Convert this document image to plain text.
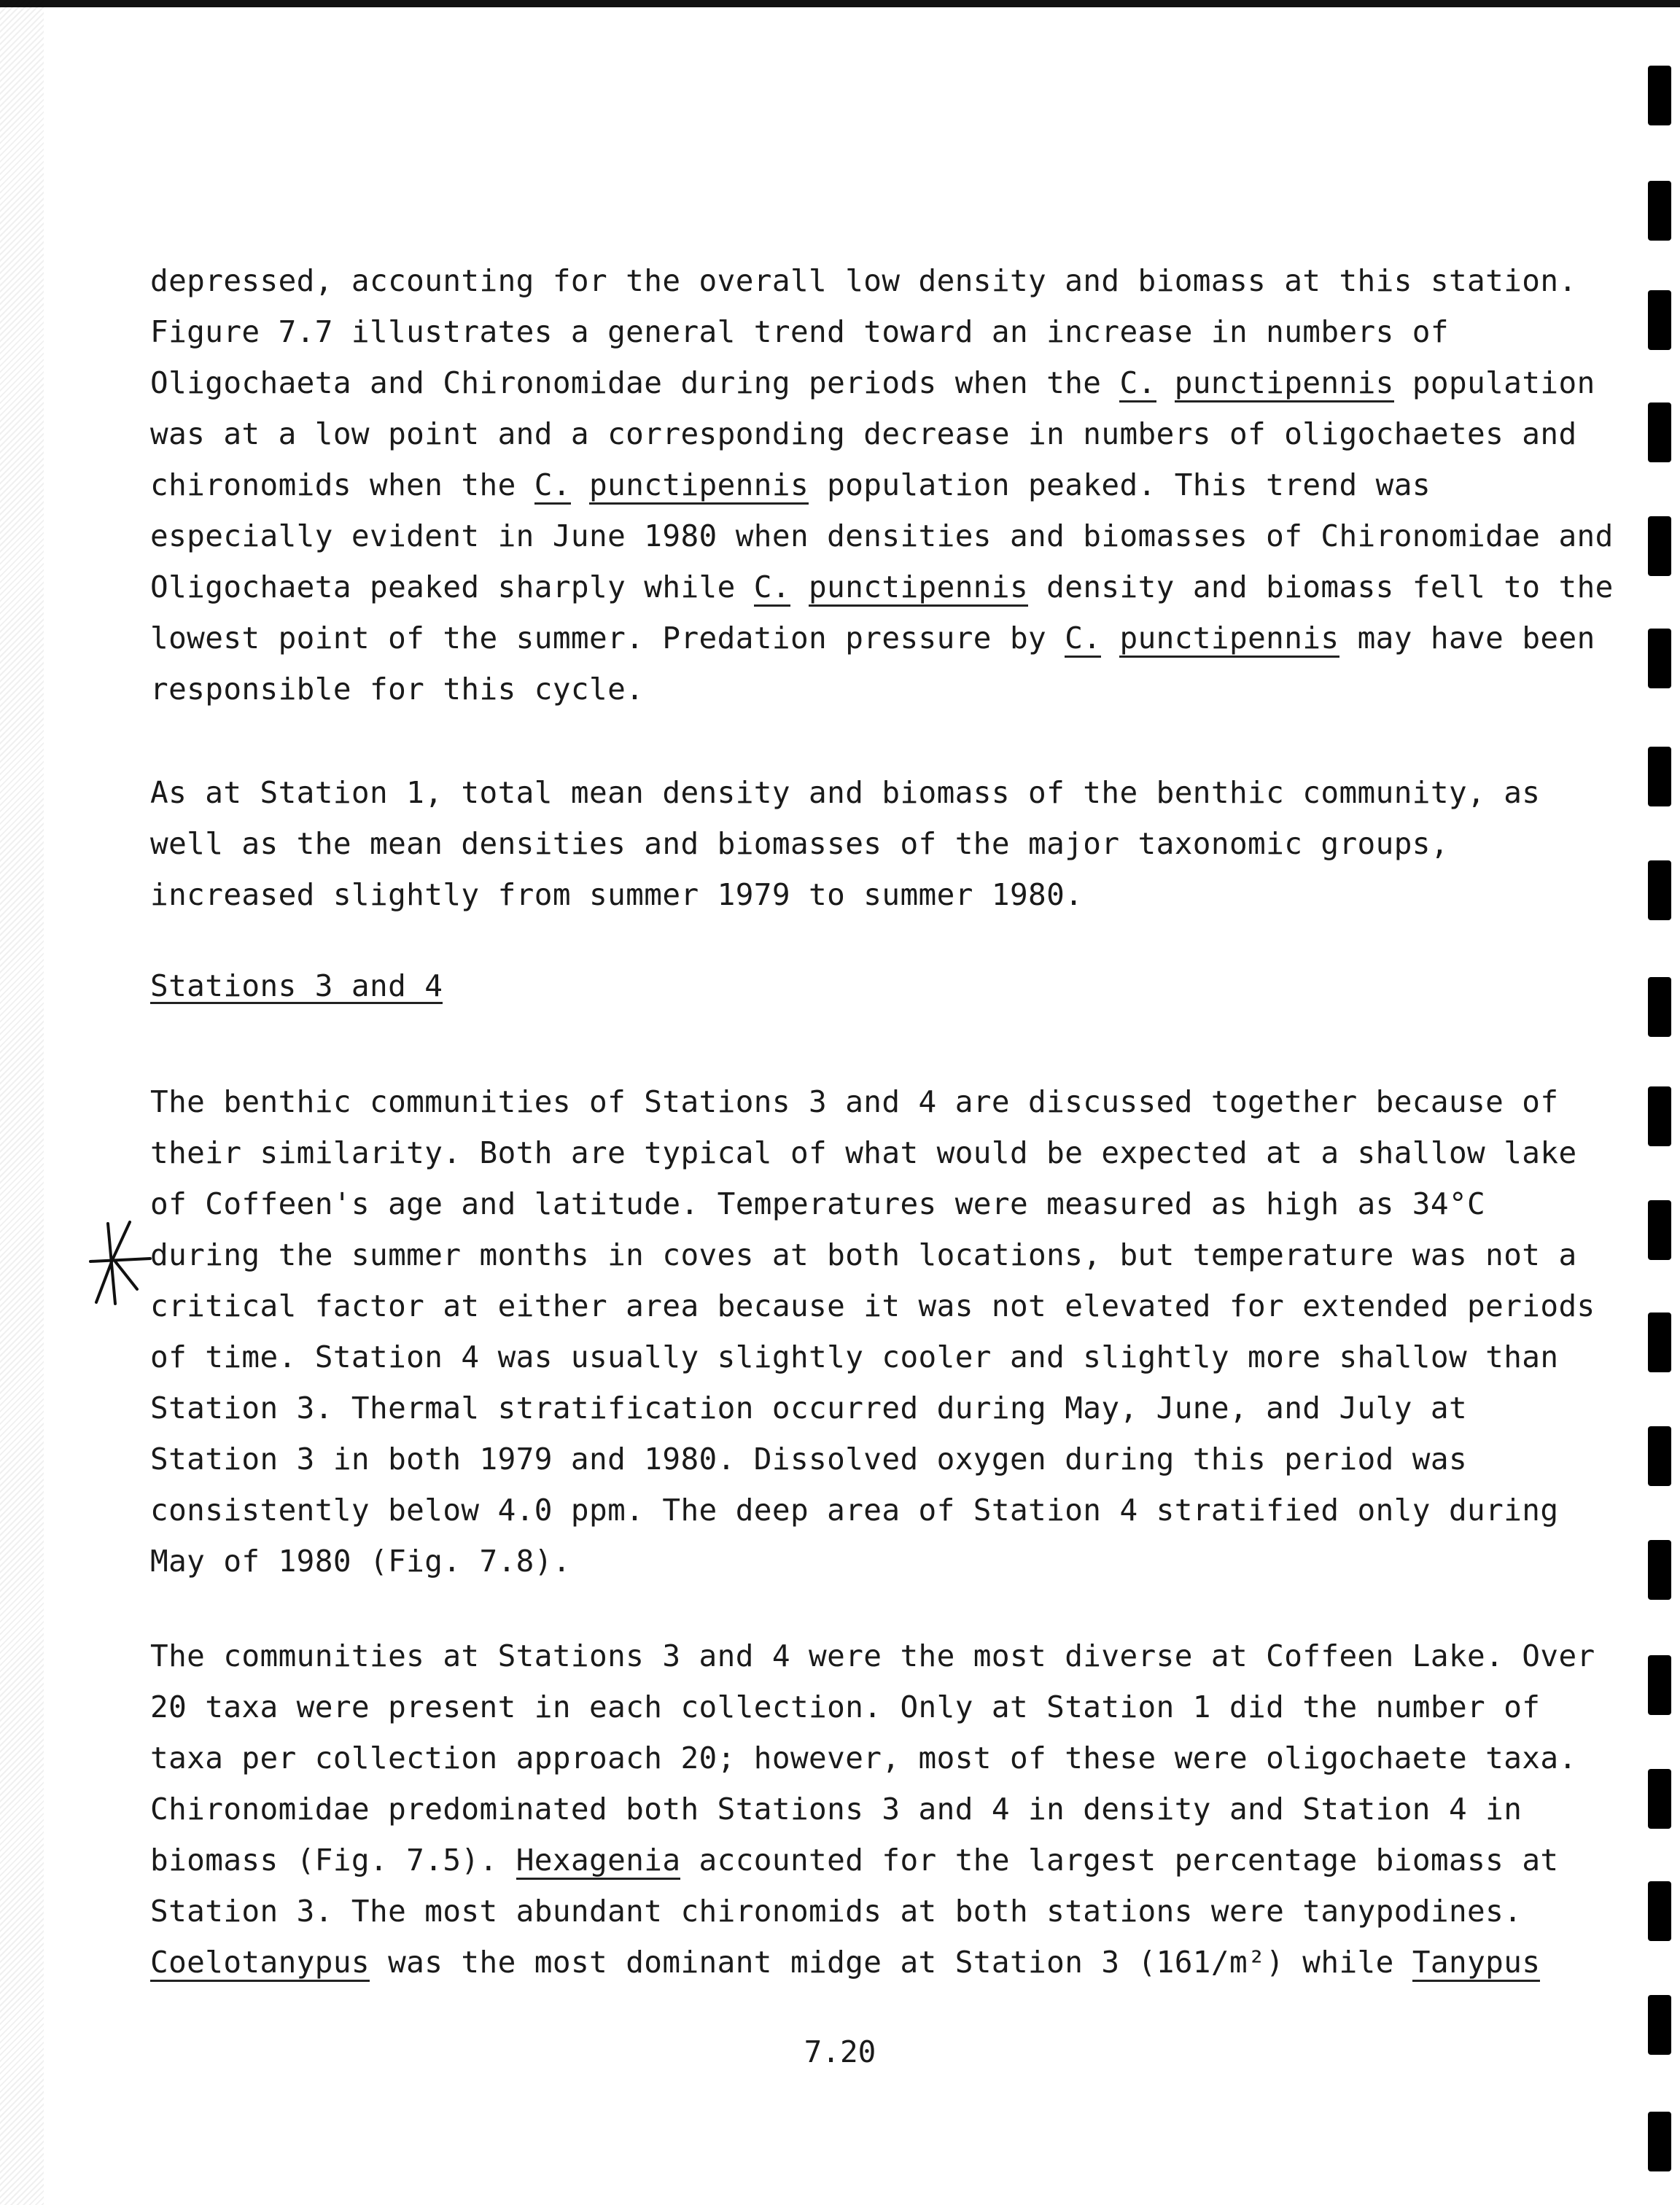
depressed, accounting for the overall low density and biomass at this station.
Figure 7.7 illustrates a general trend toward an increase in numbers of
Oligochaeta and Chironomidae during periods when the C. punctipennis population
was at a low point and a corresponding decrease in numbers of oligochaetes and
chironomids when the C. punctipennis population peaked. This trend was
especially evident in June 1980 when densities and biomasses of Chironomidae and
Oligochaeta peaked sharply while C. punctipennis density and biomass fell to the
lowest point of the summer. Predation pressure by C. punctipennis may have been
responsible for this cycle.
As at Station 1, total mean density and biomass of the benthic community, as
well as the mean densities and biomasses of the major taxonomic groups,
increased slightly from summer 1979 to summer 1980.
Stations 3 and 4
The benthic communities of Stations 3 and 4 are discussed together because of
their similarity. Both are typical of what would be expected at a shallow lake
of Coffeen's age and latitude. Temperatures were measured as high as 34°C
during the summer months in coves at both locations, but temperature was not a
critical factor at either area because it was not elevated for extended periods
of time. Station 4 was usually slightly cooler and slightly more shallow than
Station 3. Thermal stratification occurred during May, June, and July at
Station 3 in both 1979 and 1980. Dissolved oxygen during this period was
consistently below 4.0 ppm. The deep area of Station 4 stratified only during
May of 1980 (Fig. 7.8).
The communities at Stations 3 and 4 were the most diverse at Coffeen Lake. Over
20 taxa were present in each collection. Only at Station 1 did the number of
taxa per collection approach 20; however, most of these were oligochaete taxa.
Chironomidae predominated both Stations 3 and 4 in density and Station 4 in
biomass (Fig. 7.5). Hexagenia accounted for the largest percentage biomass at
Station 3. The most abundant chironomids at both stations were tanypodines.
Coelotanypus was the most dominant midge at Station 3 (161/m²) while Tanypus
7.20
